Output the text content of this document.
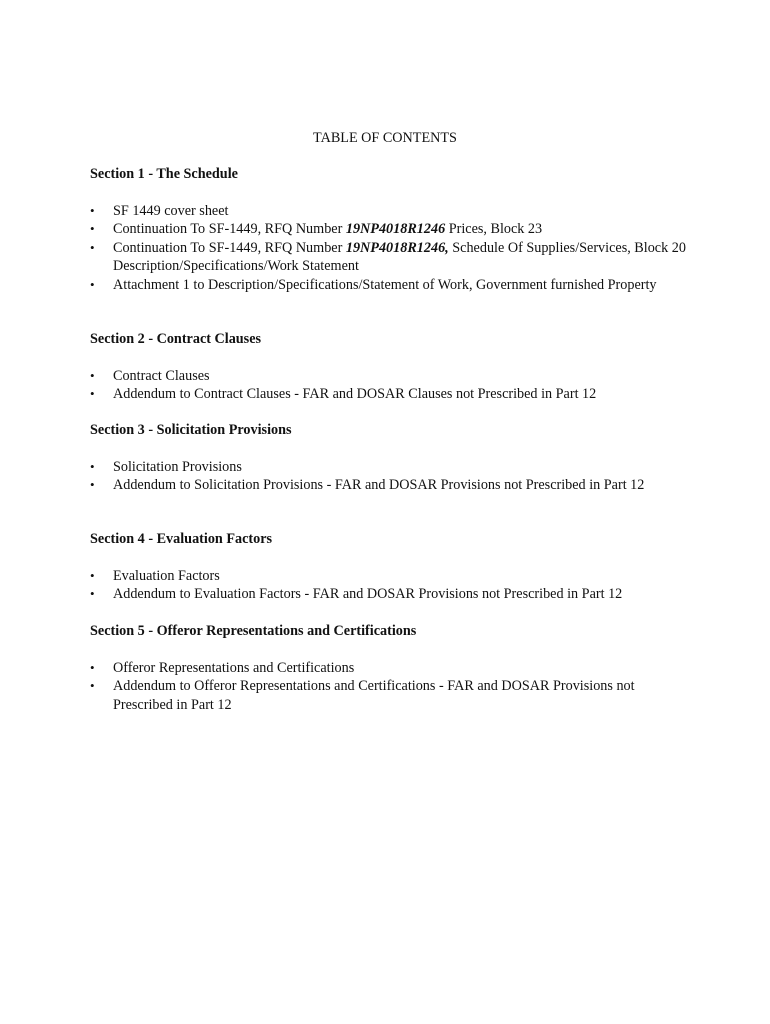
TABLE OF CONTENTS
Section 1 - The Schedule
•	SF 1449 cover sheet
•	Continuation To SF-1449, RFQ Number 19NP4018R1246 Prices, Block 23
•	Continuation To SF-1449, RFQ Number 19NP4018R1246, Schedule Of Supplies/Services, Block 20 Description/Specifications/Work Statement
•	Attachment 1 to Description/Specifications/Statement of Work, Government furnished Property
Section 2 - Contract Clauses
•	Contract Clauses
•	Addendum to Contract Clauses - FAR and DOSAR Clauses not Prescribed in Part 12
Section 3 - Solicitation Provisions
•	Solicitation Provisions
•	Addendum to Solicitation Provisions - FAR and DOSAR Provisions not Prescribed in Part 12
Section 4 - Evaluation Factors
•	Evaluation Factors
•	Addendum to Evaluation Factors - FAR and DOSAR Provisions not Prescribed in Part 12
Section 5 - Offeror Representations and Certifications
•	Offeror Representations and Certifications
•	Addendum to Offeror Representations and Certifications - FAR and DOSAR Provisions not Prescribed in Part 12
